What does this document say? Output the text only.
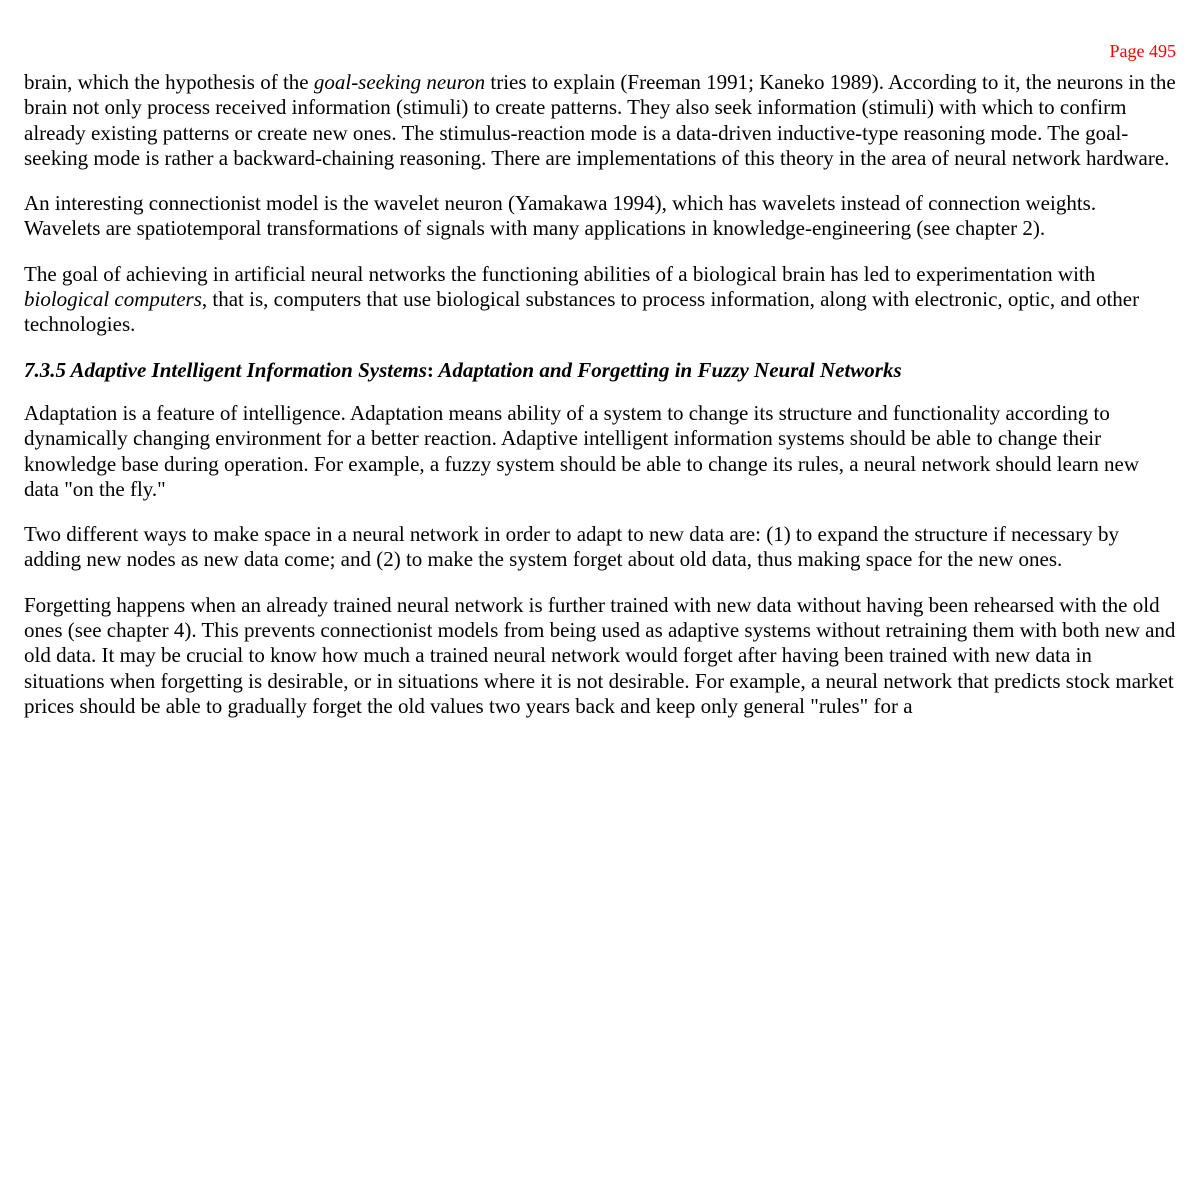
Page 495

brain, which the hypothesis of the goal-seeking neuron tries to explain (Freeman 1991; Kaneko 1989). According to it, the neurons in the brain not only process received information (stimuli) to create patterns. They also seek information (stimuli) with which to confirm already existing patterns or create new ones. The stimulus-reaction mode is a data-driven inductive-type reasoning mode. The goal-seeking mode is rather a backward-chaining reasoning. There are implementations of this theory in the area of neural network hardware.

An interesting connectionist model is the wavelet neuron (Yamakawa 1994), which has wavelets instead of connection weights. Wavelets are spatiotemporal transformations of signals with many applications in knowledge-engineering (see chapter 2).

The goal of achieving in artificial neural networks the functioning abilities of a biological brain has led to experimentation with biological computers, that is, computers that use biological substances to process information, along with electronic, optic, and other technologies.

7.3.5 Adaptive Intelligent Information Systems: Adaptation and Forgetting in Fuzzy Neural Networks

Adaptation is a feature of intelligence. Adaptation means ability of a system to change its structure and functionality according to dynamically changing environment for a better reaction. Adaptive intelligent information systems should be able to change their knowledge base during operation. For example, a fuzzy system should be able to change its rules, a neural network should learn new data "on the fly."

Two different ways to make space in a neural network in order to adapt to new data are: (1) to expand the structure if necessary by adding new nodes as new data come; and (2) to make the system forget about old data, thus making space for the new ones.

Forgetting happens when an already trained neural network is further trained with new data without having been rehearsed with the old ones (see chapter 4). This prevents connectionist models from being used as adaptive systems without retraining them with both new and old data. It may be crucial to know how much a trained neural network would forget after having been trained with new data in situations when forgetting is desirable, or in situations where it is not desirable. For example, a neural network that predicts stock market prices should be able to gradually forget the old values two years back and keep only general "rules" for a
